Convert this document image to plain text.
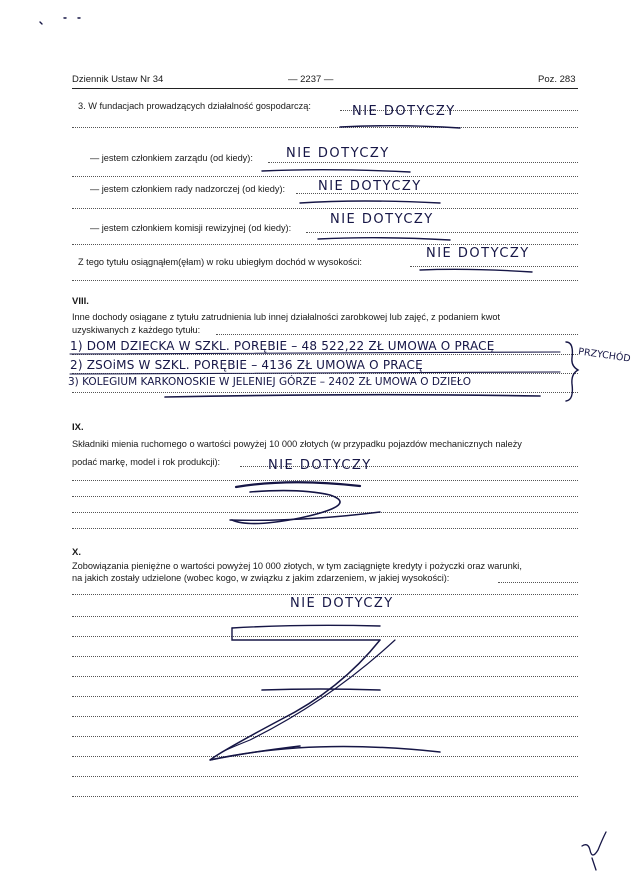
Dziennik Ustaw Nr 34	— 2237 —	Poz. 283
3. W fundacjach prowadzących działalność gospodarczą:	NIE DOTYCZY
— jestem członkiem zarządu (od kiedy):	NIE DOTYCZY
— jestem członkiem rady nadzorczej (od kiedy):	NIE DOTYCZY
— jestem członkiem komisji rewizyjnej (od kiedy):
NIE DOTYCZY
Z tego tytułu osiągnąłem(ęłam) w roku ubiegłym dochód w wysokości:
NIE DOTYCZY
VIII.
Inne dochody osiągane z tytułu zatrudnienia lub innej działalności zarobkowej lub zajęć, z podaniem kwot
uzyskiwanych z każdego tytułu:
1) DOM DZIECKA W SZKL. PORĘBIE – 48 522,22 ZŁ UMOWA O PRACĘ
2) ZSOiMS W SZKL. PORĘBIE – 4136 ZŁ UMOWA O PRACĘ
3) KOLEGIUM KARKONOSKIE W JELENIEJ GÓRZE – 2402 ZŁ UMOWA O DZIEŁO
PRZYCHÓD
IX.
Składniki mienia ruchomego o wartości powyżej 10 000 złotych (w przypadku pojazdów mechanicznych należy
podać markę, model i rok produkcji):	NIE DOTYCZY
X.
Zobowiązania pieniężne o wartości powyżej 10 000 złotych, w tym zaciągnięte kredyty i pożyczki oraz warunki,
na jakich zostały udzielone (wobec kogo, w związku z jakim zdarzeniem, w jakiej wysokości):
NIE DOTYCZY
